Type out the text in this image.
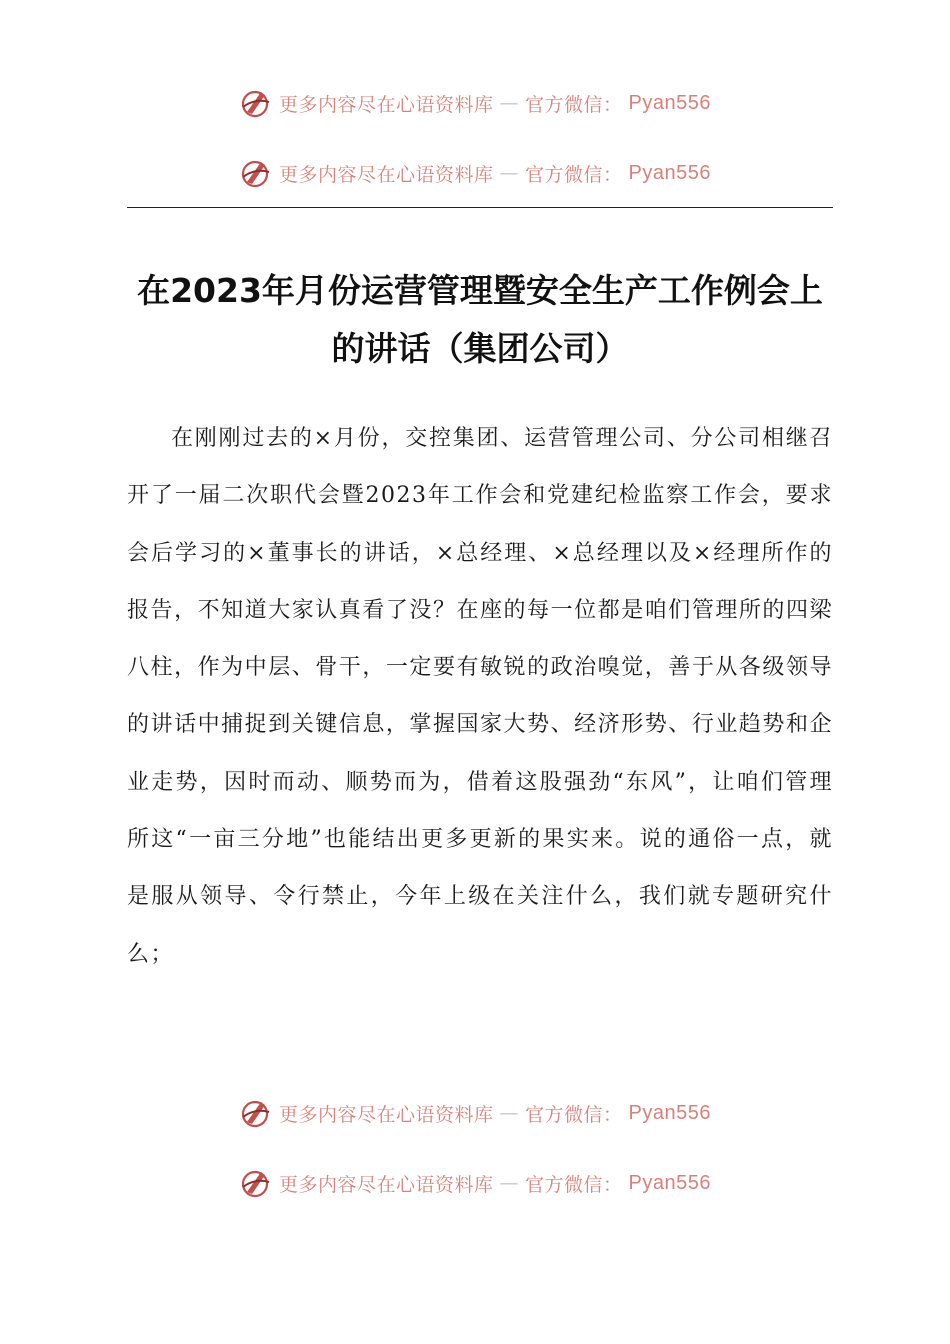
更多内容尽在心语资料库 — 官方微信： Pyan556
更多内容尽在心语资料库 — 官方微信： Pyan556
在2023年月份运营管理暨安全生产工作例会上的讲话（集团公司）

在刚刚过去的×月份，交控集团、运营管理公司、分公司相继召开了一届二次职代会暨2023年工作会和党建纪检监察工作会，要求会后学习的×董事长的讲话，×总经理、×总经理以及×经理所作的报告，不知道大家认真看了没？在座的每一位都是咱们管理所的四梁八柱，作为中层、骨干，一定要有敏锐的政治嗅觉，善于从各级领导的讲话中捕捉到关键信息，掌握国家大势、经济形势、行业趋势和企业走势，因时而动、顺势而为，借着这股强劲“东风”，让咱们管理所这“一亩三分地”也能结出更多更新的果实来。说的通俗一点，就是服从领导、令行禁止，今年上级在关注什么，我们就专题研究什么；

更多内容尽在心语资料库 — 官方微信： Pyan556
更多内容尽在心语资料库 — 官方微信： Pyan556
